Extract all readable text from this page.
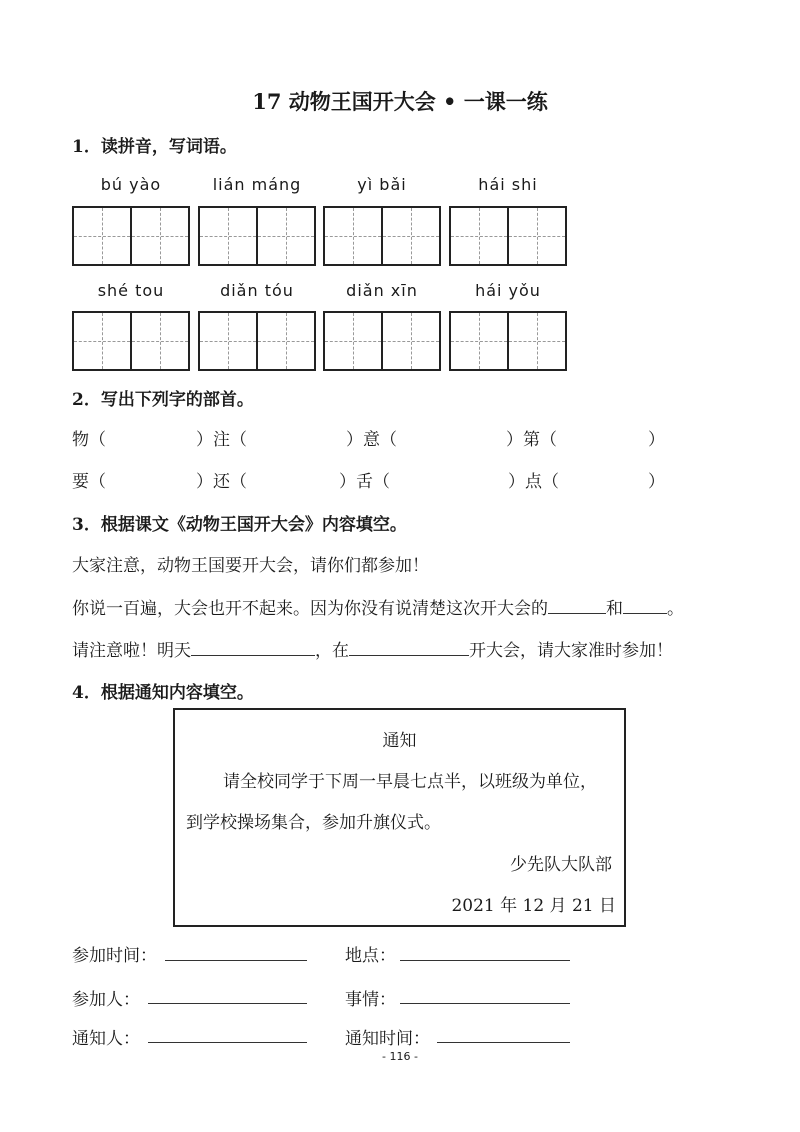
17 动物王国开大会 • 一课一练
1．读拼音，写词语。
bú yào	lián máng	yì bǎi	hái shi
shé tou	diǎn tóu	diǎn xīn	hái yǒu
2．写出下列字的部首。
物（	）注（	）意（	）第（	）
要（	）还（	）舌（	）点（	）
3．根据课文《动物王国开大会》内容填空。
大家注意，动物王国要开大会，请你们都参加！
你说一百遍，大会也开不起来。因为你没有说清楚这次开大会的	和	。
请注意啦！明天	，在	开大会，请大家准时参加！
4．根据通知内容填空。
通知
请全校同学于下周一早晨七点半，以班级为单位，
到学校操场集合，参加升旗仪式。
少先队大队部
2021 年 12 月 21 日
参加时间：	地点：
参加人：	事情：
通知人：	通知时间：
- 116 -
